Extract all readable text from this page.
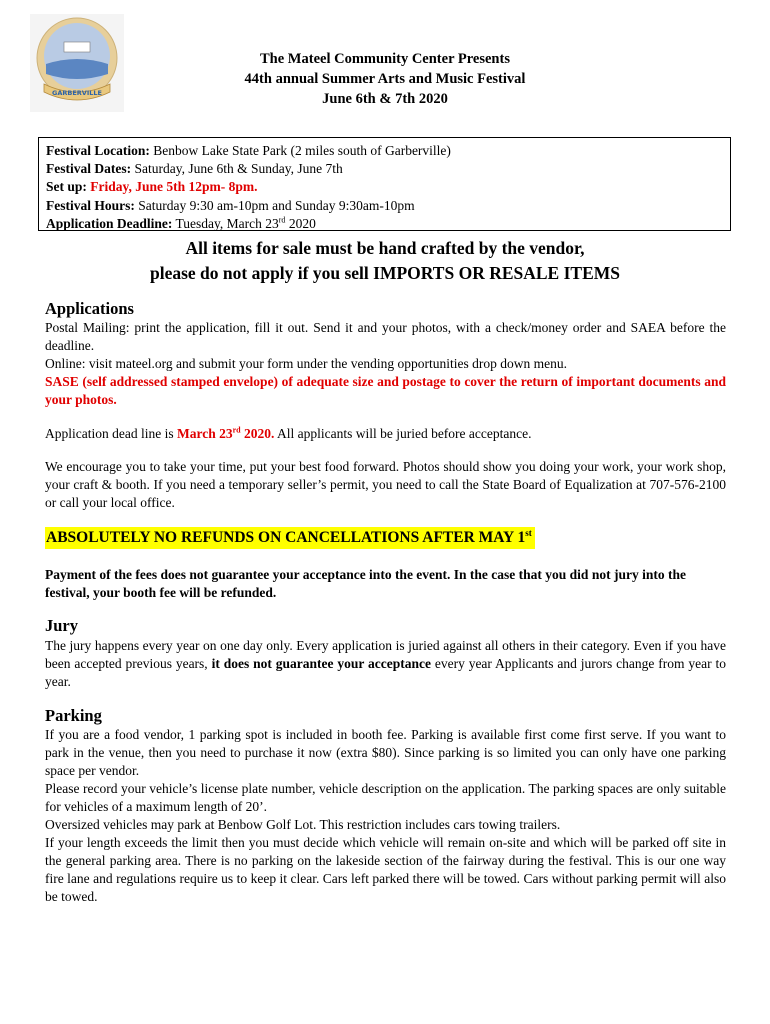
GARBERVILLE
The Mateel Community Center Presents
44th annual Summer Arts and Music Festival
June 6th & 7th 2020
Festival Location: Benbow Lake State Park (2 miles south of Garberville)
Festival Dates: Saturday, June 6th & Sunday, June 7th
Set up: Friday, June 5th 12pm- 8pm.
Festival Hours: Saturday 9:30 am-10pm and Sunday 9:30am-10pm
Application Deadline: Tuesday, March 23rd 2020
All items for sale must be hand crafted by the vendor,
please do not apply if you sell IMPORTS OR RESALE ITEMS
Applications

Postal Mailing: print the application, fill it out. Send it and your photos, with a check/money order and SAEA before the deadline.

Online: visit mateel.org and submit your form under the vending opportunities drop down menu.

SASE (self addressed stamped envelope) of adequate size and postage to cover the return of important documents and your photos.

Application dead line is March 23rd 2020. All applicants will be juried before acceptance.
We encourage you to take your time, put your best food forward. Photos should show you doing your work, your work shop, your craft & booth. If you need a temporary seller’s permit, you need to call the State Board of Equalization at 707-576-2100 or call your local office.
ABSOLUTELY NO REFUNDS ON CANCELLATIONS AFTER MAY 1st
Payment of the fees does not guarantee your acceptance into the event. In the case that you did not jury into the festival, your booth fee will be refunded.
Jury
The jury happens every year on one day only. Every application is juried against all others in their category. Even if you have been accepted previous years, it does not guarantee your acceptance every year Applicants and jurors change from year to year.
Parking

If you are a food vendor, 1 parking spot is included in booth fee. Parking is available first come first serve. If you want to park in the venue, then you need to purchase it now (extra $80). Since parking is so limited you can only have one parking space per vendor.

Please record your vehicle’s license plate number, vehicle description on the application. The parking spaces are only suitable for vehicles of a maximum length of 20’.

Oversized vehicles may park at Benbow Golf Lot. This restriction includes cars towing trailers.

If your length exceeds the limit then you must decide which vehicle will remain on-site and which will be parked off site in the general parking area. There is no parking on the lakeside section of the fairway during the festival. This is our one way fire lane and regulations require us to keep it clear. Cars left parked there will be towed. Cars without parking permit will also be towed.
